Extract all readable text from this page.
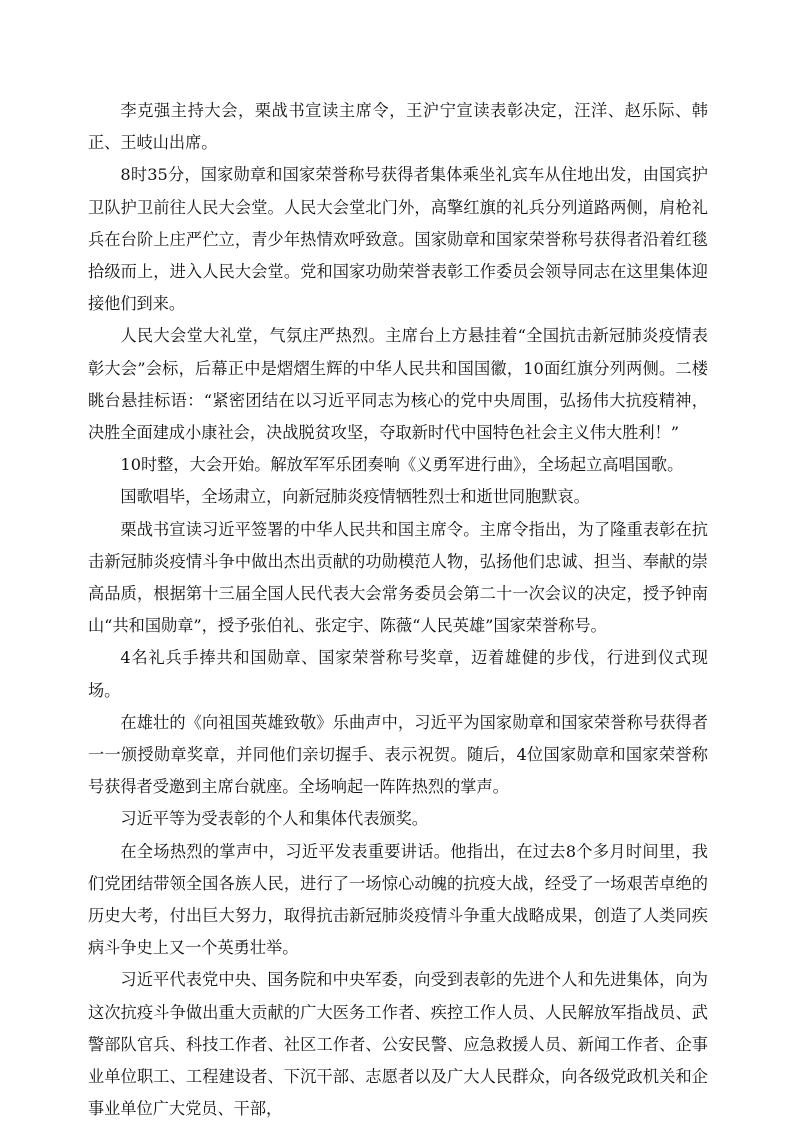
李克强主持大会，栗战书宣读主席令，王沪宁宣读表彰决定，汪洋、赵乐际、韩正、王岐山出席。

8时35分，国家勋章和国家荣誉称号获得者集体乘坐礼宾车从住地出发，由国宾护卫队护卫前往人民大会堂。人民大会堂北门外，高擎红旗的礼兵分列道路两侧，肩枪礼兵在台阶上庄严伫立，青少年热情欢呼致意。国家勋章和国家荣誉称号获得者沿着红毯拾级而上，进入人民大会堂。党和国家功勋荣誉表彰工作委员会领导同志在这里集体迎接他们到来。

人民大会堂大礼堂，气氛庄严热烈。主席台上方悬挂着“全国抗击新冠肺炎疫情表彰大会”会标，后幕正中是熠熠生辉的中华人民共和国国徽，10面红旗分列两侧。二楼眺台悬挂标语：“紧密团结在以习近平同志为核心的党中央周围，弘扬伟大抗疫精神，决胜全面建成小康社会，决战脱贫攻坚，夺取新时代中国特色社会主义伟大胜利！”

10时整，大会开始。解放军军乐团奏响《义勇军进行曲》，全场起立高唱国歌。

国歌唱毕，全场肃立，向新冠肺炎疫情牺牲烈士和逝世同胞默哀。

栗战书宣读习近平签署的中华人民共和国主席令。主席令指出，为了隆重表彰在抗击新冠肺炎疫情斗争中做出杰出贡献的功勋模范人物，弘扬他们忠诚、担当、奉献的崇高品质，根据第十三届全国人民代表大会常务委员会第二十一次会议的决定，授予钟南山“共和国勋章”，授予张伯礼、张定宇、陈薇“人民英雄”国家荣誉称号。

4名礼兵手捧共和国勋章、国家荣誉称号奖章，迈着雄健的步伐，行进到仪式现场。

在雄壮的《向祖国英雄致敬》乐曲声中，习近平为国家勋章和国家荣誉称号获得者一一颁授勋章奖章，并同他们亲切握手、表示祝贺。随后，4位国家勋章和国家荣誉称号获得者受邀到主席台就座。全场响起一阵阵热烈的掌声。

习近平等为受表彰的个人和集体代表颁奖。

在全场热烈的掌声中，习近平发表重要讲话。他指出，在过去8个多月时间里，我们党团结带领全国各族人民，进行了一场惊心动魄的抗疫大战，经受了一场艰苦卓绝的历史大考，付出巨大努力，取得抗击新冠肺炎疫情斗争重大战略成果，创造了人类同疾病斗争史上又一个英勇壮举。

习近平代表党中央、国务院和中央军委，向受到表彰的先进个人和先进集体，向为这次抗疫斗争做出重大贡献的广大医务工作者、疾控工作人员、人民解放军指战员、武警部队官兵、科技工作者、社区工作者、公安民警、应急救援人员、新闻工作者、企事业单位职工、工程建设者、下沉干部、志愿者以及广大人民群众，向各级党政机关和企事业单位广大党员、干部，
